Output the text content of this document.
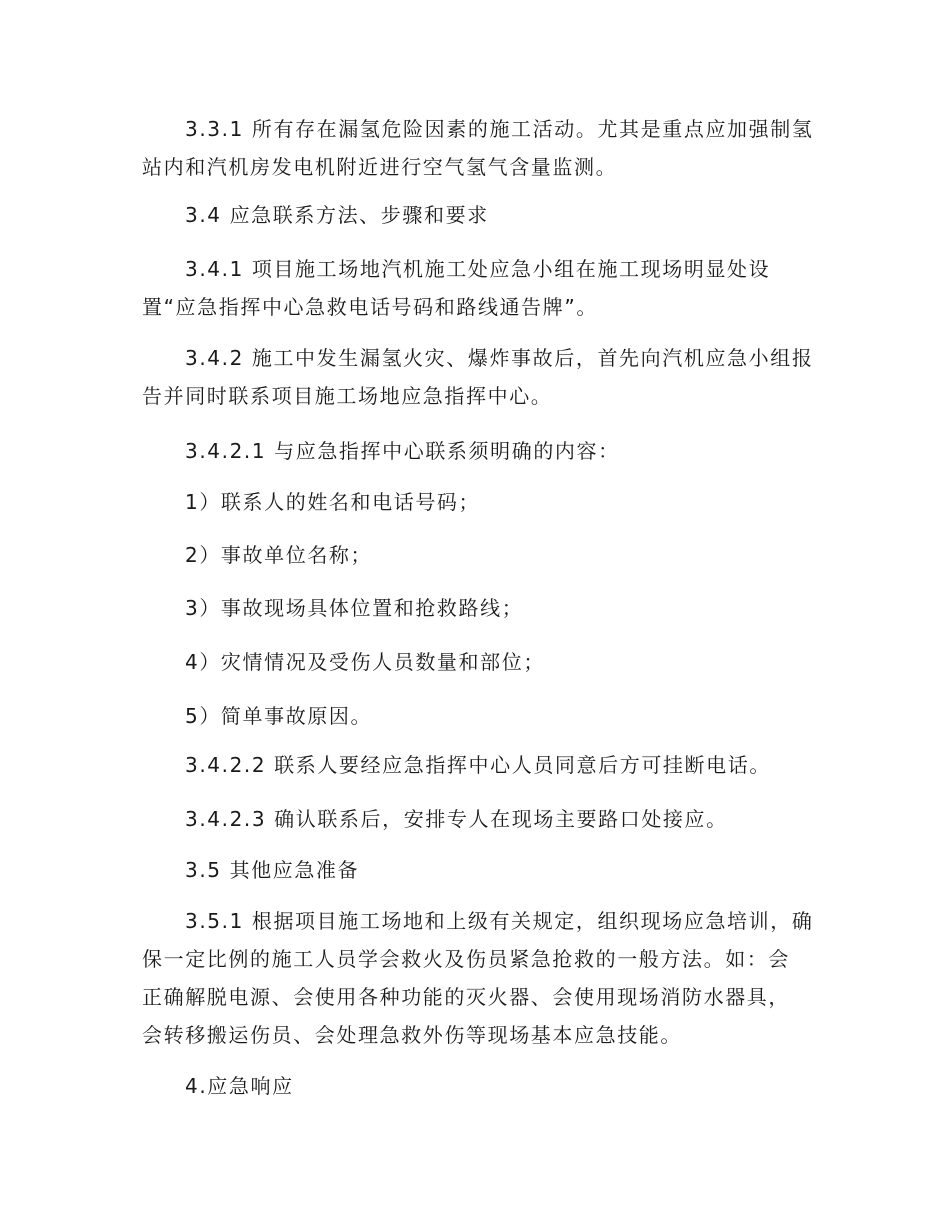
3.3.1 所有存在漏氢危险因素的施工活动。尤其是重点应加强制氢
站内和汽机房发电机附近进行空气氢气含量监测。

3.4 应急联系方法、步骤和要求

3.4.1 项目施工场地汽机施工处应急小组在施工现场明显处设
置“应急指挥中心急救电话号码和路线通告牌”。

3.4.2 施工中发生漏氢火灾、爆炸事故后，首先向汽机应急小组报
告并同时联系项目施工场地应急指挥中心。

3.4.2.1 与应急指挥中心联系须明确的内容：

1）联系人的姓名和电话号码；

2）事故单位名称；

3）事故现场具体位置和抢救路线；

4）灾情情况及受伤人员数量和部位；

5）简单事故原因。

3.4.2.2 联系人要经应急指挥中心人员同意后方可挂断电话。

3.4.2.3 确认联系后，安排专人在现场主要路口处接应。

3.5 其他应急准备

3.5.1 根据项目施工场地和上级有关规定，组织现场应急培训，确
保一定比例的施工人员学会救火及伤员紧急抢救的一般方法。如：会
正确解脱电源、会使用各种功能的灭火器、会使用现场消防水器具，
会转移搬运伤员、会处理急救外伤等现场基本应急技能。

4.应急响应
